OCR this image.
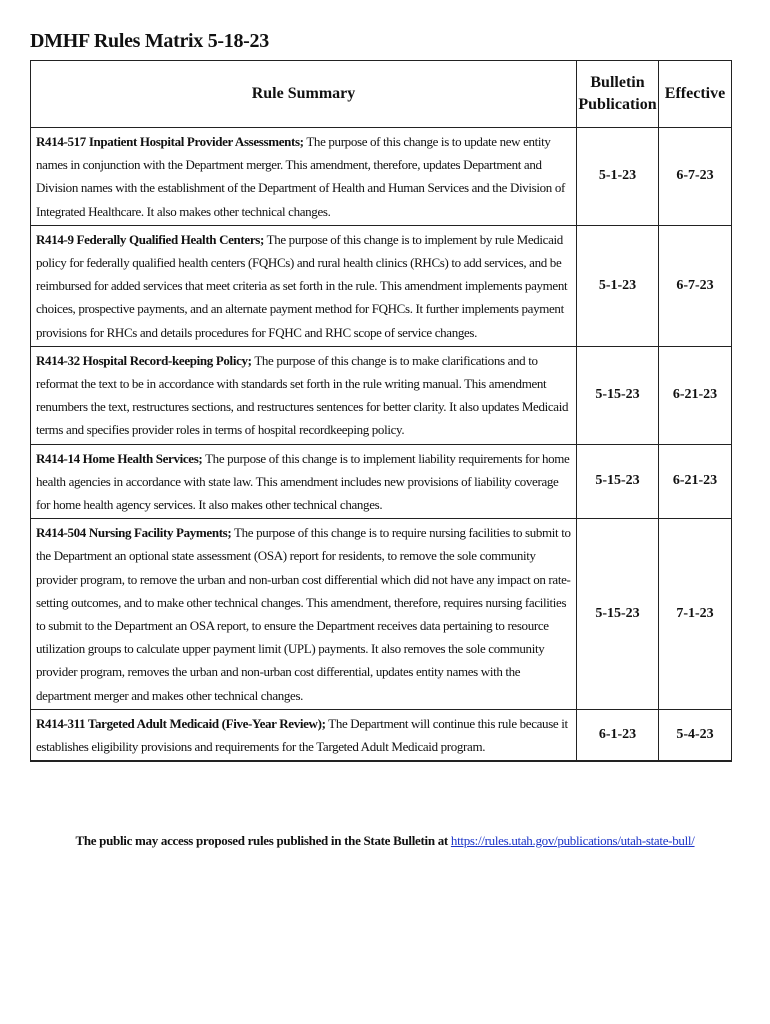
DMHF Rules Matrix 5-18-23
Rule Summary	Bulletin Publication	Effective
R414-517 Inpatient Hospital Provider Assessments; The purpose of this change is to update new entity names in conjunction with the Department merger. This amendment, therefore, updates Department and Division names with the establishment of the Department of Health and Human Services and the Division of Integrated Healthcare. It also makes other technical changes.	5-1-23	6-7-23
R414-9 Federally Qualified Health Centers; The purpose of this change is to implement by rule Medicaid policy for federally qualified health centers (FQHCs) and rural health clinics (RHCs) to add services, and be reimbursed for added services that meet criteria as set forth in the rule. This amendment implements payment choices, prospective payments, and an alternate payment method for FQHCs. It further implements payment provisions for RHCs and details procedures for FQHC and RHC scope of service changes.	5-1-23	6-7-23
R414-32 Hospital Record-keeping Policy; The purpose of this change is to make clarifications and to reformat the text to be in accordance with standards set forth in the rule writing manual. This amendment renumbers the text, restructures sections, and restructures sentences for better clarity. It also updates Medicaid terms and specifies provider roles in terms of hospital recordkeeping policy.	5-15-23	6-21-23
R414-14 Home Health Services; The purpose of this change is to implement liability requirements for home health agencies in accordance with state law. This amendment includes new provisions of liability coverage for home health agency services. It also makes other technical changes.	5-15-23	6-21-23
R414-504 Nursing Facility Payments; The purpose of this change is to require nursing facilities to submit to the Department an optional state assessment (OSA) report for residents, to remove the sole community provider program, to remove the urban and non-urban cost differential which did not have any impact on rate-setting outcomes, and to make other technical changes. This amendment, therefore, requires nursing facilities to submit to the Department an OSA report, to ensure the Department receives data pertaining to resource utilization groups to calculate upper payment limit (UPL) payments. It also removes the sole community provider program, removes the urban and non-urban cost differential, updates entity names with the department merger and makes other technical changes.	5-15-23	7-1-23
R414-311 Targeted Adult Medicaid (Five-Year Review); The Department will continue this rule because it establishes eligibility provisions and requirements for the Targeted Adult Medicaid program.	6-1-23	5-4-23
The public may access proposed rules published in the State Bulletin at https://rules.utah.gov/publications/utah-state-bull/
